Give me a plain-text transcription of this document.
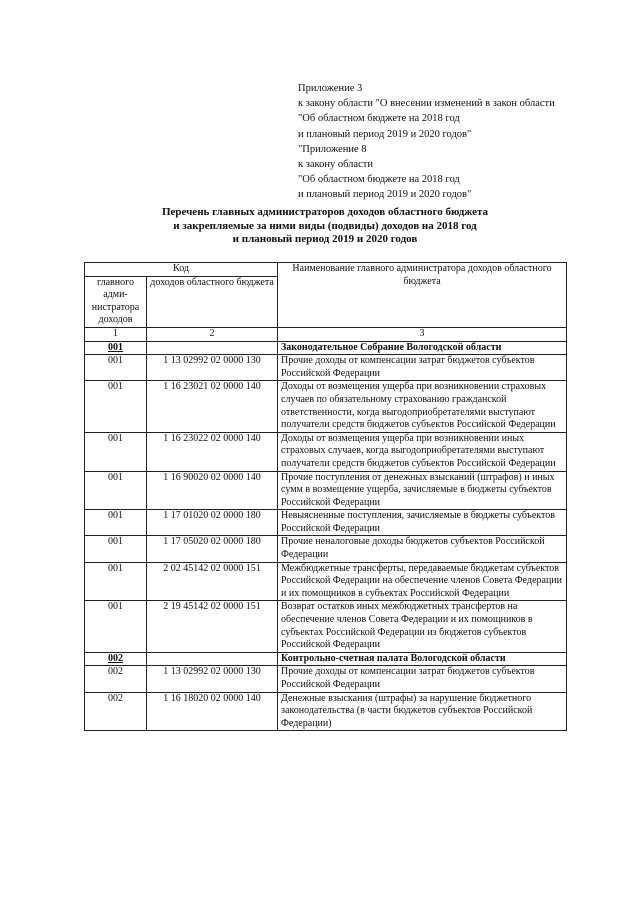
Приложение 3
к закону области "О внесении изменений в закон области
"Об областном бюджете на 2018 год
и плановый период 2019 и 2020 годов"
"Приложение 8
к закону области
"Об областном бюджете на 2018 год
и плановый период 2019 и 2020 годов"
Перечень главных администраторов доходов областного бюджета
и закрепляемые за ними виды (подвиды) доходов на 2018 год
и плановый период 2019 и 2020 годов
Код		Наименование главного администратора доходов областного бюджета
главного адми-нистратора доходов	доходов областного бюджета	
1	2	3
001		Законодательное Собрание Вологодской области
001	1 13 02992 02 0000 130	Прочие доходы от компенсации затрат бюджетов субъектов Российской Федерации
001	1 16 23021 02 0000 140	Доходы от возмещения ущерба при возникновении страховых случаев по обязательному страхованию гражданской ответственности, когда выгодоприобретателями выступают получатели средств бюджетов субъектов Российской Федерации
001	1 16 23022 02 0000 140	Доходы от возмещения ущерба при возникновении иных страховых случаев, когда выгодоприобретателями выступают получатели средств бюджетов субъектов Российской Федерации
001	1 16 90020 02 0000 140	Прочие поступления от денежных взысканий (штрафов) и иных сумм в возмещение ущерба, зачисляемые в бюджеты субъектов Российской Федерации
001	1 17 01020 02 0000 180	Невыясненные поступления, зачисляемые в бюджеты субъектов Российской Федерации
001	1 17 05020 02 0000 180	Прочие неналоговые доходы бюджетов субъектов Российской Федерации
001	2 02 45142 02 0000 151	Межбюджетные трансферты, передаваемые бюджетам субъектов Российской Федерации на обеспечение членов Совета Федерации и их помощников в субъектах Российской Федерации
001	2 19 45142 02 0000 151	Возврат остатков иных межбюджетных трансфертов на обеспечение членов Совета Федерации и их помощников в субъектах Российской Федерации из бюджетов субъектов Российской Федерации
002		Контрольно-счетная палата Вологодской области
002	1 13 02992 02 0000 130	Прочие доходы от компенсации затрат бюджетов субъектов Российской Федерации
002	1 16 18020 02 0000 140	Денежные взыскания (штрафы) за нарушение бюджетного законодательства (в части бюджетов субъектов Российской Федерации)
